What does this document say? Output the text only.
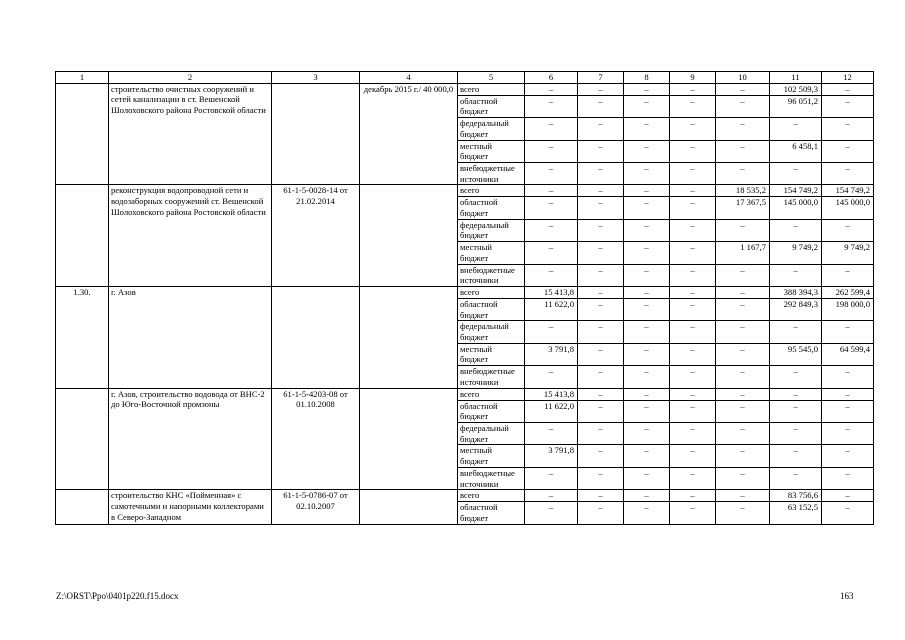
1	2	3	4	5	6	7	8	9	10	11	12
	строительство очистных сооружений и сетей канализации в ст. Вешенской Шолоховского района Ростовской области		декабрь 2015 г./ 40 000,0	всего	–	–	–	–	–	102 509,3	–
				областной бюджет	–	–	–	–	–	96 051,2	–
				федеральный бюджет	–	–	–	–	–	–	–
				местный бюджет	–	–	–	–	–	6 458,1	–
				внебюджетные источники	–	–	–	–	–	–	–
	реконструкция водопроводной сети и водозаборных сооружений ст. Вешенской Шолоховского района Ростовской области	61-1-5-0028-14 от 21.02.2014		всего	–	–	–	–	18 535,2	154 749,2	154 749,2
				областной бюджет	–	–	–	–	17 367,5	145 000,0	145 000,0
				федеральный бюджет	–	–	–	–	–	–	–
				местный бюджет	–	–	–	–	1 167,7	9 749,2	9 749,2
				внебюджетные источники	–	–	–	–	–	–	–
1.30.	г. Азов			всего	15 413,8	–	–	–	–	388 394,3	262 599,4
				областной бюджет	11 622,0	–	–	–	–	292 849,3	198 000,0
				федеральный бюджет	–	–	–	–	–	–	–
				местный бюджет	3 791,8	–	–	–	–	95 545,0	64 599,4
				внебюджетные источники	–	–	–	–	–	–	–
	г. Азов, строительство водовода от ВНС-2 до Юго-Восточной промзоны	61-1-5-4203-08 от 01.10.2008		всего	15 413,8	–	–	–	–	–	–
				областной бюджет	11 622,0	–	–	–	–	–	–
				федеральный бюджет	–	–	–	–	–	–	–
				местный бюджет	3 791,8	–	–	–	–	–	–
				внебюджетные источники	–	–	–	–	–	–	–
	строительство КНС «Пойменная» с самотечными и напорными коллекторами в Северо-Западном	61-1-5-0786-07 от 02.10.2007		всего	–	–	–	–	–	83 756,6	–
				областной бюджет	–	–	–	–	–	63 152,5	–
Z:\ORST\Ppo\0401p220.f15.docx	163
